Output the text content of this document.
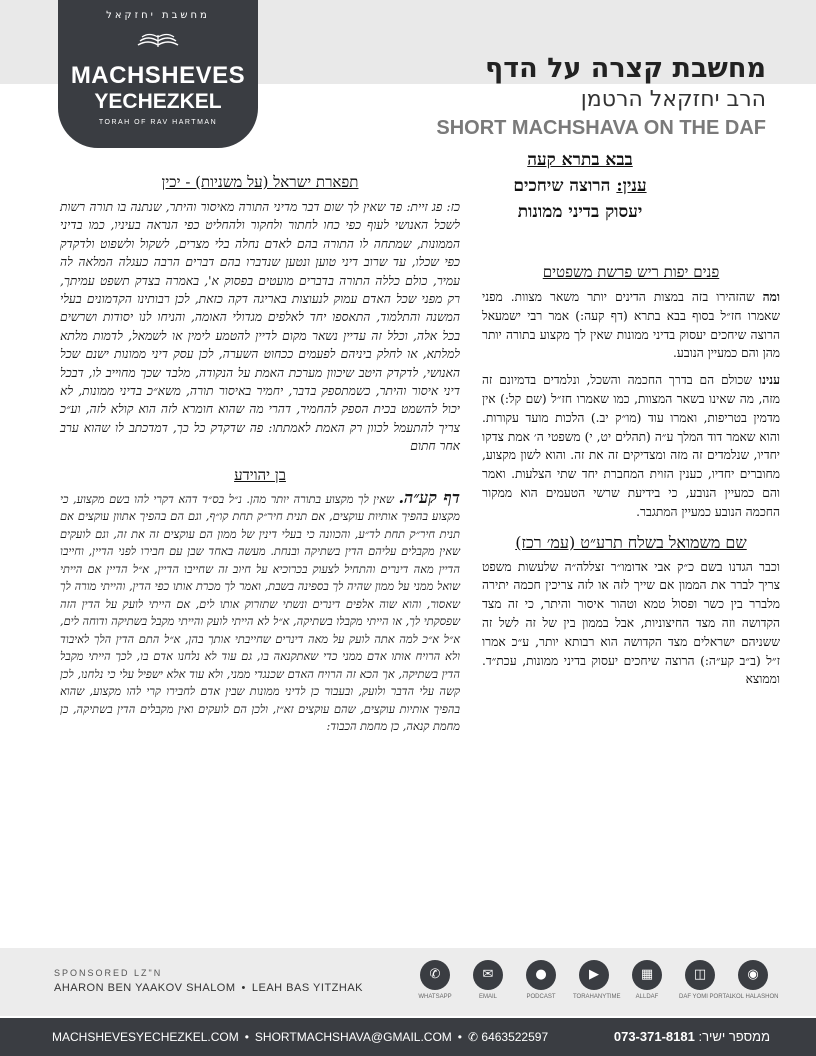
מחשבת יחזקאל
MACHSHEVES
YECHEZKEL
TORAH OF RAV HARTMAN
מחשבת קצרה על הדף
הרב יחזקאל הרטמן
SHORT MACHSHAVA ON THE DAF
בבא בתרא קעה
ענין: הרוצה שיחכים
יעסוק בדיני ממונות
תפארת ישראל (על משניות) - יכין

כז: פג זיית: פד שאין לך שום דבר מדיני התורה מאיסור והיתר, שנתנה בו תורה רשות לשכל האנושי לעוף כפי כחו לחתור ולחקור ולהחליט כפי הנראה בעיניו, כמו בדיני הממונות, שמתחה לו התורה בהם לאדם נחלה בלי מצרים, לשקול ולשפוט ולדקדק כפי שכלו, עד שרוב דיני טוען ונטען שנדברו בהם דברים הרבה כעגלה המלאה לה עמיר, כולם כללה התורה בדברים מועטים בפסוק א', באמרה בצדק תשפט עמיתך, רק מפני שכל האדם עמוק לנעוצות באריגה דקה כזאת, לכן רבותינו הקדמונים בעלי המשנה והתלמוד, התאספו יחד לאלפים מגדולי האומה, והניחו לנו יסודות ושרשים בכל אלה, וכלל זה עדיין נשאר מקום לדיין להטמע לימין או לשמאל, לדמות מלתא למלתא, או לחלק ביניהם לפעמים ככחוט השערה, לכן עסק דיני ממונות ישנם שכל האנושי, לדקדק היטב שיכוון מערכת האמת על הנקודה, מלבד שכך מחוייב לו, דבכל דיני איסור והיתר, כשמתספק בדבר, יחמיר באיסור תורה, משא״כ בדיני ממונות, לא יכול להשמט בכית הספק להחמיר, דהרי מה שהוא חומרא לזה הוא קולא לזה, וע״כ צריך להתעמל לכוון רק האמת לאמתתו: פה שדקדק כל כך, דמדכתב לו שהוא ערב אחר חתום

בן יהוידע

דף קע״ה. שאין לך מקצוע בתורה יותר מהן. נ״ל בס״ד דהא דקרי להו בשם מקצוע, כי מקצוע בהפיך אותיות עוקצים, אם תנית חיר״ק תחת קו״ף, וגם הם בהפיך אתוון עוקצים אם תנית חיר״ק תחת לד״ע, והכוונה כי בעלי דינין של ממון הם עוקצים זה את זה, וגם לועקים שאין מקבלים עליהם הדין בשתיקה ובנחת. מעשה באחד שבן עם חבירו לפני הדיין, וחייבו הדיין מאה דינרים והתחיל לצעוק בכרוכיא על חיוב זה שחייבו הדיין, א״ל הדיין אם הייתי שואל ממני על ממון שהיה לך בספינה בשבת, ואמר לך מכרת אותו כפי הדין, והייתי מורה לך שאסור, והוא שוה אלפים דינרים ונשתי שתזרוק אותו לים, אם הייתי לועק על הדין הזה שפסקתי לך, או הייתי מקבלו בשתיקה, א״ל לא הייתי לועק והייתי מקבל בשתיקה ודוחה לים, א״ל א״כ למה אתה לועק על מאה דינרים שחייבתי אותך בהן, א״ל התם הדין הלך לאיבוד ולא הרויח אותו אדם ממני כדי שאתקנאה בו, גם עוד לא נלחנו אדם בו, לכך הייתי מקבל הדין בשתיקה, אך הכא זה הרויח האדם שכנגדי ממני, ולא עוד אלא ישפיל עלי כי נלחנו, לכן קשה עלי הדבר ולועק, ובעבור כן לדיני ממונות שבין אדם לחבירו קרי להו מקצוע, שהוא בהפיך אותיות עוקצים, שהם עוקצים זא״ז, ולכן הם לועקים ואין מקבלים הדין בשתיקה, כן מחמת קנאה, כן מחמת הכבוד:

פנים יפות ריש פרשת משפטים

ומה שהזהירו בזה במצות הדינים יותר משאר מצוות. מפני שאמרו חז״ל בסוף בבא בתרא (דף קעה:) אמר רבי ישמעאל הרוצה שיחכים יעסוק בדיני ממונות שאין לך מקצוע בתורה יותר מהן והם כמעיין הנובע.

ענינו שכולם הם בדרך החכמה והשכל, ונלמדים בדמיונם זה מזה, מה שאינו בשאר המצוות, כמו שאמרו חז״ל (שם קל:) אין מדמין בטריפות, ואמרו עוד (מו״ק יב.) הלכות מועד עקורות. והוא שאמר דוד המלך ע״ה (תהלים יט, י) משפטי ה׳ אמת צדקו יחדיו, שנלמדים זה מזה ומצדיקים זה את זה. והוא לשון מקצוע, מחוברים יחדיו, כענין הזוית המחברת יחד שתי הצלעות. ואמר והם כמעיין הנובע, כי בידיעת שרשי הטעמים הוא ממקור החכמה הנובע כמעיין המתגבר.

שם משמואל בשלח תרע״ט (עמ׳ רכז)

וכבר הגדנו בשם כ״ק אבי אדומו״ר זצללה״ה שלעשות משפט צריך לברר את הממון אם שייך לזה או לזה צריכין חכמה יתירה מלברר בין כשר ופסול טמא וטהור איסור והיתר, כי זה מצד הקדושה וזה מצד החיצוניות, אבל בממון בין של זה לשל זה ששניהם ישראלים מצד הקדושה הוא רבותא יותר, ע״כ אמרו ז״ל (ב״ב קע״ה:) הרוצה שיחכים יעסוק בדיני ממונות, עכת״ד. וממוצא

SPONSORED LZ"N
AHARON BEN YAAKOV SHALOM • LEAH BAS YITZHAK
✆
WHATSAPP
✉
EMAIL
●
PODCAST
▶
TORAHANYTIME
▦
ALLDAF
◫
DAF YOMI PORTAL
◉
KOL HALASHON
MACHSHEVESYECHEZKEL.COM • SHORTMACHSHAVA@GMAIL.COM • ✆ 6463522597	ממספר ישיר: 073-371-8181
